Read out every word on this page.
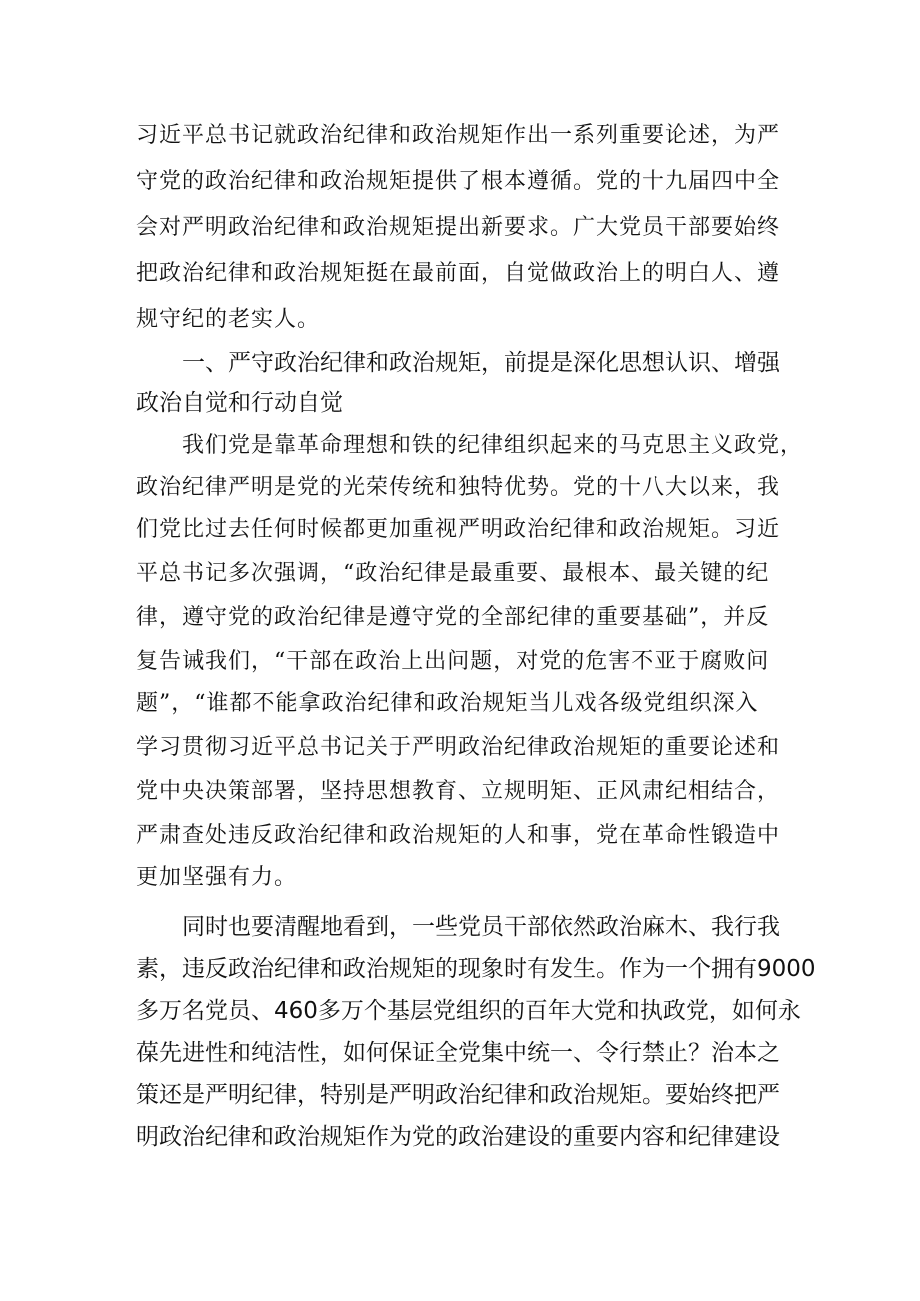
习近平总书记就政治纪律和政治规矩作出一系列重要论述，为严
守党的政治纪律和政治规矩提供了根本遵循。党的十九届四中全
会对严明政治纪律和政治规矩提出新要求。广大党员干部要始终
把政治纪律和政治规矩挺在最前面，自觉做政治上的明白人、遵
规守纪的老实人。
一、严守政治纪律和政治规矩，前提是深化思想认识、增强
政治自觉和行动自觉
我们党是靠革命理想和铁的纪律组织起来的马克思主义政党，
政治纪律严明是党的光荣传统和独特优势。党的十八大以来，我
们党比过去任何时候都更加重视严明政治纪律和政治规矩。习近
平总书记多次强调，“政治纪律是最重要、最根本、最关键的纪
律，遵守党的政治纪律是遵守党的全部纪律的重要基础”，并反
复告诫我们，“干部在政治上出问题，对党的危害不亚于腐败问
题”，“谁都不能拿政治纪律和政治规矩当儿戏各级党组织深入
学习贯彻习近平总书记关于严明政治纪律政治规矩的重要论述和
党中央决策部署，坚持思想教育、立规明矩、正风肃纪相结合，
严肃查处违反政治纪律和政治规矩的人和事，党在革命性锻造中
更加坚强有力。
同时也要清醒地看到，一些党员干部依然政治麻木、我行我
素，违反政治纪律和政治规矩的现象时有发生。作为一个拥有9000
多万名党员、460多万个基层党组织的百年大党和执政党，如何永
葆先进性和纯洁性，如何保证全党集中统一、令行禁止？治本之
策还是严明纪律，特别是严明政治纪律和政治规矩。要始终把严
明政治纪律和政治规矩作为党的政治建设的重要内容和纪律建设
